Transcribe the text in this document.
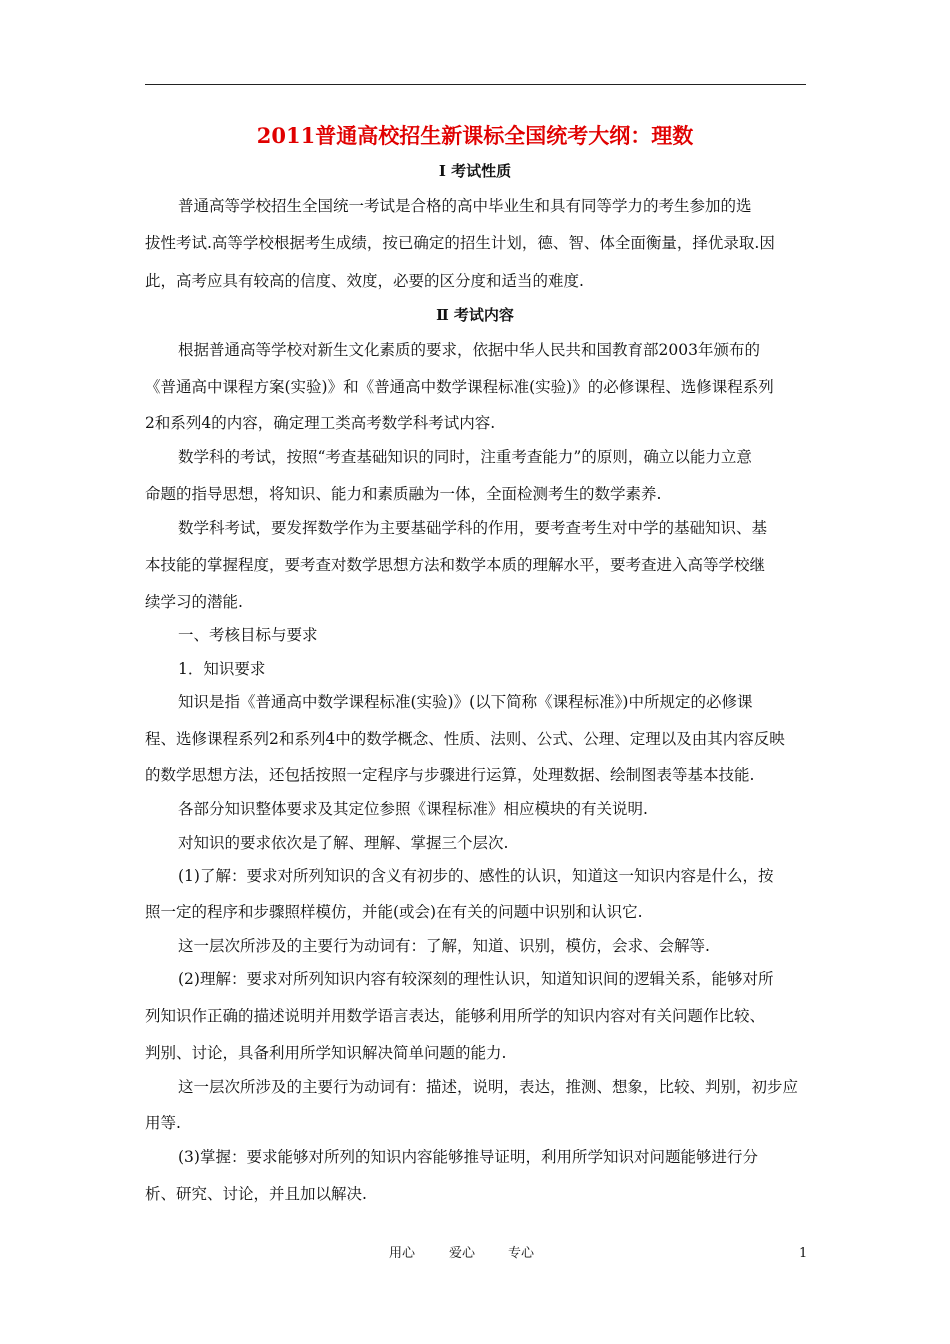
2011普通高校招生新课标全国统考大纲：理数
Ⅰ 考试性质
普通高等学校招生全国统一考试是合格的高中毕业生和具有同等学力的考生参加的选
拔性考试.高等学校根据考生成绩，按已确定的招生计划，德、智、体全面衡量，择优录取.因
此，高考应具有较高的信度、效度，必要的区分度和适当的难度.
Ⅱ 考试内容
根据普通高等学校对新生文化素质的要求，依据中华人民共和国教育部2003年颁布的
《普通高中课程方案(实验)》和《普通高中数学课程标准(实验)》的必修课程、选修课程系列
2和系列4的内容，确定理工类高考数学科考试内容.
数学科的考试，按照“考查基础知识的同时，注重考查能力”的原则，确立以能力立意
命题的指导思想，将知识、能力和素质融为一体，全面检测考生的数学素养.
数学科考试，要发挥数学作为主要基础学科的作用，要考查考生对中学的基础知识、基
本技能的掌握程度，要考查对数学思想方法和数学本质的理解水平，要考查进入高等学校继
续学习的潜能.
一、考核目标与要求
1．知识要求
知识是指《普通高中数学课程标准(实验)》(以下简称《课程标准》)中所规定的必修课
程、选修课程系列2和系列4中的数学概念、性质、法则、公式、公理、定理以及由其内容反映
的数学思想方法，还包括按照一定程序与步骤进行运算，处理数据、绘制图表等基本技能.
各部分知识整体要求及其定位参照《课程标准》相应模块的有关说明.
对知识的要求依次是了解、理解、掌握三个层次.
(1)了解：要求对所列知识的含义有初步的、感性的认识，知道这一知识内容是什么，按
照一定的程序和步骤照样模仿，并能(或会)在有关的问题中识别和认识它.
这一层次所涉及的主要行为动词有：了解，知道、识别，模仿，会求、会解等.
(2)理解：要求对所列知识内容有较深刻的理性认识，知道知识间的逻辑关系，能够对所
列知识作正确的描述说明并用数学语言表达，能够利用所学的知识内容对有关问题作比较、
判别、讨论，具备利用所学知识解决简单问题的能力.
这一层次所涉及的主要行为动词有：描述，说明，表达，推测、想象，比较、判别，初步应
用等.
(3)掌握：要求能够对所列的知识内容能够推导证明，利用所学知识对问题能够进行分
析、研究、讨论，并且加以解决.
用心	爱心	专心	1
